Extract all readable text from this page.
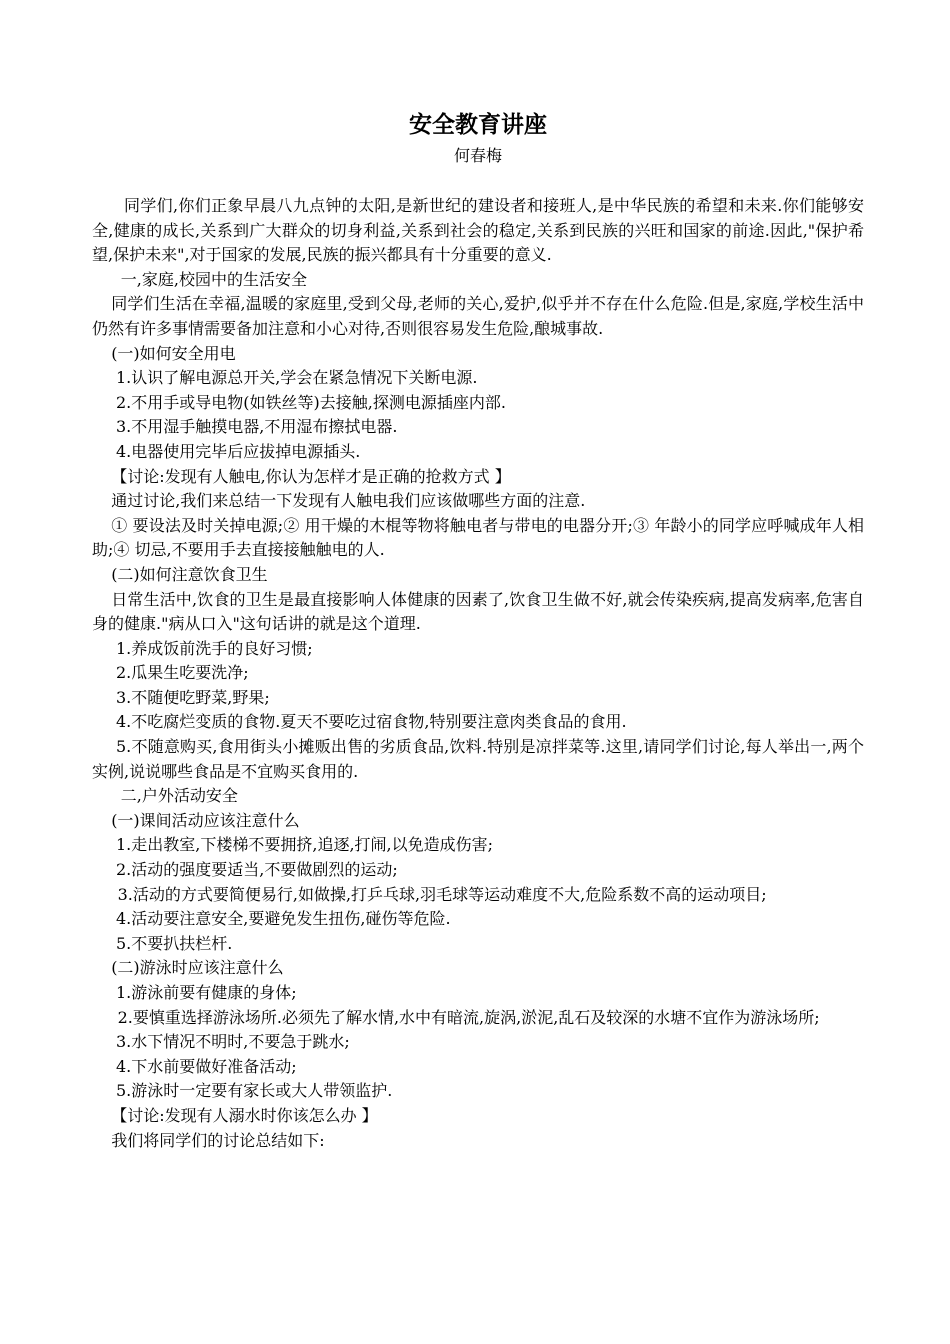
安全教育讲座
何春梅

同学们,你们正象早晨八九点钟的太阳,是新世纪的建设者和接班人,是中华民族的希望和未来.你们能够安全,健康的成长,关系到广大群众的切身利益,关系到社会的稳定,关系到民族的兴旺和国家的前途.因此,"保护希望,保护未来",对于国家的发展,民族的振兴都具有十分重要的意义.

一,家庭,校园中的生活安全

同学们生活在幸福,温暖的家庭里,受到父母,老师的关心,爱护,似乎并不存在什么危险.但是,家庭,学校生活中仍然有许多事情需要备加注意和小心对待,否则很容易发生危险,酿城事故.

(一)如何安全用电

1.认识了解电源总开关,学会在紧急情况下关断电源.

2.不用手或导电物(如铁丝等)去接触,探测电源插座内部.

3.不用湿手触摸电器,不用湿布擦拭电器.

4.电器使用完毕后应拔掉电源插头.

【讨论:发现有人触电,你认为怎样才是正确的抢救方式 】

通过讨论,我们来总结一下发现有人触电我们应该做哪些方面的注意.

① 要设法及时关掉电源;② 用干燥的木棍等物将触电者与带电的电器分开;③ 年龄小的同学应呼喊成年人相助;④ 切忌,不要用手去直接接触触电的人.

(二)如何注意饮食卫生

日常生活中,饮食的卫生是最直接影响人体健康的因素了,饮食卫生做不好,就会传染疾病,提高发病率,危害自身的健康."病从口入"这句话讲的就是这个道理.

1.养成饭前洗手的良好习惯;

2.瓜果生吃要洗净;

3.不随便吃野菜,野果;

4.不吃腐烂变质的食物.夏天不要吃过宿食物,特别要注意肉类食品的食用.

5.不随意购买,食用街头小摊贩出售的劣质食品,饮料.特别是凉拌菜等.这里,请同学们讨论,每人举出一,两个实例,说说哪些食品是不宜购买食用的.

二,户外活动安全

(一)课间活动应该注意什么

1.走出教室,下楼梯不要拥挤,追逐,打闹,以免造成伤害;

2.活动的强度要适当,不要做剧烈的运动;

3.活动的方式要简便易行,如做操,打乒乓球,羽毛球等运动难度不大,危险系数不高的运动项目;

4.活动要注意安全,要避免发生扭伤,碰伤等危险.

5.不要扒扶栏杆.

(二)游泳时应该注意什么

1.游泳前要有健康的身体;

2.要慎重选择游泳场所.必须先了解水情,水中有暗流,旋涡,淤泥,乱石及较深的水塘不宜作为游泳场所;

3.水下情况不明时,不要急于跳水;

4.下水前要做好准备活动;

5.游泳时一定要有家长或大人带领监护.

【讨论:发现有人溺水时你该怎么办 】

我们将同学们的讨论总结如下:
